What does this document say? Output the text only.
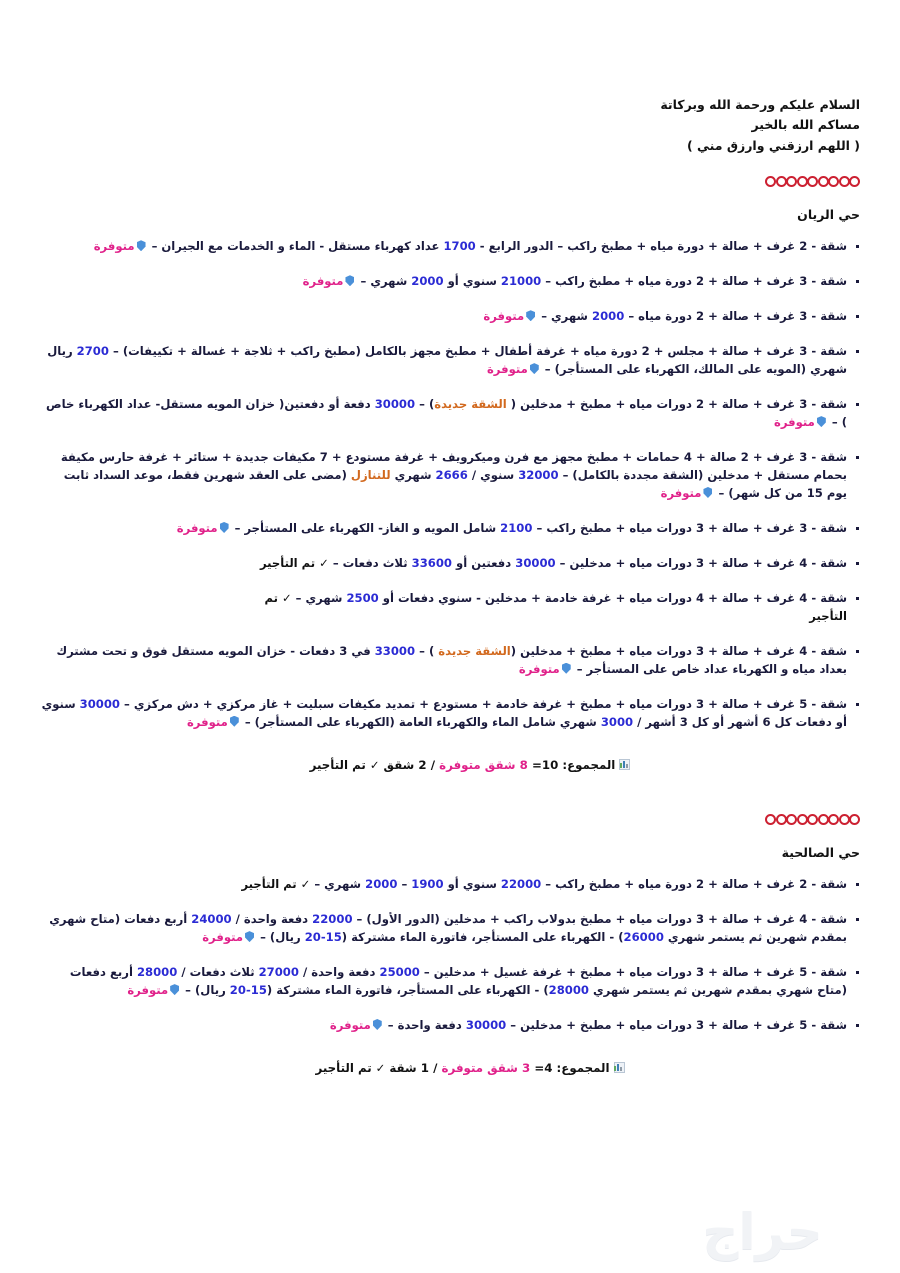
السلام عليكم ورحمة الله وبركاتة
مساكم الله بالخير
( اللهم ارزقني وارزق مني )
حي الريان
شقة - 2 غرف + صالة + دورة مياه + مطبخ راكب – الدور الرابع - 1700 عداد كهرباء مستقل - الماء و الخدمات مع الجيران – متوفرة
شقة - 3 غرف + صالة + 2 دورة مياه + مطبخ راكب – 21000 سنوي أو 2000 شهري – متوفرة
شقة - 3 غرف + صالة + 2 دورة مياه – 2000 شهري – متوفرة
شقة - 3 غرف + صالة + مجلس + 2 دورة مياه + غرفة أطفال + مطبخ مجهز بالكامل (مطبخ راكب + ثلاجة + غسالة + تكييفات) – 2700 ريال شهري (المويه على المالك، الكهرباء على المستأجر) – متوفرة
شقة - 3 غرف + صالة + 2 دورات مياه + مطبخ + مدخلين ( الشقة جديدة) – 30000 دفعة أو دفعتين( خزان المويه مستقل- عداد الكهرباء خاص ) – متوفرة
شقة - 3 غرف + 2 صالة + 4 حمامات + مطبخ مجهز مع فرن وميكرويف + غرفة مستودع + 7 مكيفات جديدة + ستائر + غرفة حارس مكيفة بحمام مستقل + مدخلين (الشقة مجددة بالكامل) – 32000 سنوي / 2666 شهري للتنازل (مضى على العقد شهرين فقط، موعد السداد ثابت يوم 15 من كل شهر) – متوفرة
شقة - 3 غرف + صالة + 3 دورات مياه + مطبخ راكب – 2100 شامل المويه و الغاز- الكهرباء على المستأجر – متوفرة
شقة - 4 غرف + صالة + 3 دورات مياه + مدخلين – 30000 دفعتين أو 33600 ثلاث دفعات – ✓ تم التأجير
شقة - 4 غرف + صالة + 4 دورات مياه + غرفة خادمة + مدخلين - سنوي دفعات أو 2500 شهري – ✓ تم التأجير
شقة - 4 غرف + صالة + 3 دورات مياه + مطبخ + مدخلين (الشقة جديدة ) – 33000 في 3 دفعات - خزان المويه مستقل فوق و تحت مشترك بعداد مياه و الكهرباء عداد خاص على المستأجر – متوفرة
شقة - 5 غرف + صالة + 3 دورات مياه + مطبخ + غرفة خادمة + مستودع + تمديد مكيفات سبليت + غاز مركزي + دش مركزي – 30000 سنوي أو دفعات كل 6 أشهر أو كل 3 أشهر / 3000 شهري شامل الماء والكهرباء العامة (الكهرباء على المستأجر) – متوفرة
المجموع: 10= 8 شقق متوفرة / 2 شقق ✓ تم التأجير
حي الصالحية
شقة - 2 غرف + صالة + 2 دورة مياه + مطبخ راكب – 22000 سنوي أو 1900 – 2000 شهري – ✓ تم التأجير
شقة - 4 غرف + صالة + 3 دورات مياه + مطبخ بدولاب راكب + مدخلين (الدور الأول) – 22000 دفعة واحدة / 24000 أربع دفعات (متاح شهري بمقدم شهرين ثم يستمر شهري 26000) - الكهرباء على المستأجر، فاتورة الماء مشتركة (15-20 ريال) – متوفرة
شقة - 5 غرف + صالة + 3 دورات مياه + مطبخ + غرفة غسيل + مدخلين – 25000 دفعة واحدة / 27000 ثلاث دفعات / 28000 أربع دفعات (متاح شهري بمقدم شهرين ثم يستمر شهري 28000) - الكهرباء على المستأجر، فاتورة الماء مشتركة (15-20 ريال) – متوفرة
شقة - 5 غرف + صالة + 3 دورات مياه + مطبخ + مدخلين – 30000 دفعة واحدة – متوفرة
المجموع: 4= 3 شقق متوفرة / 1 شقة ✓ تم التأجير
حراج
